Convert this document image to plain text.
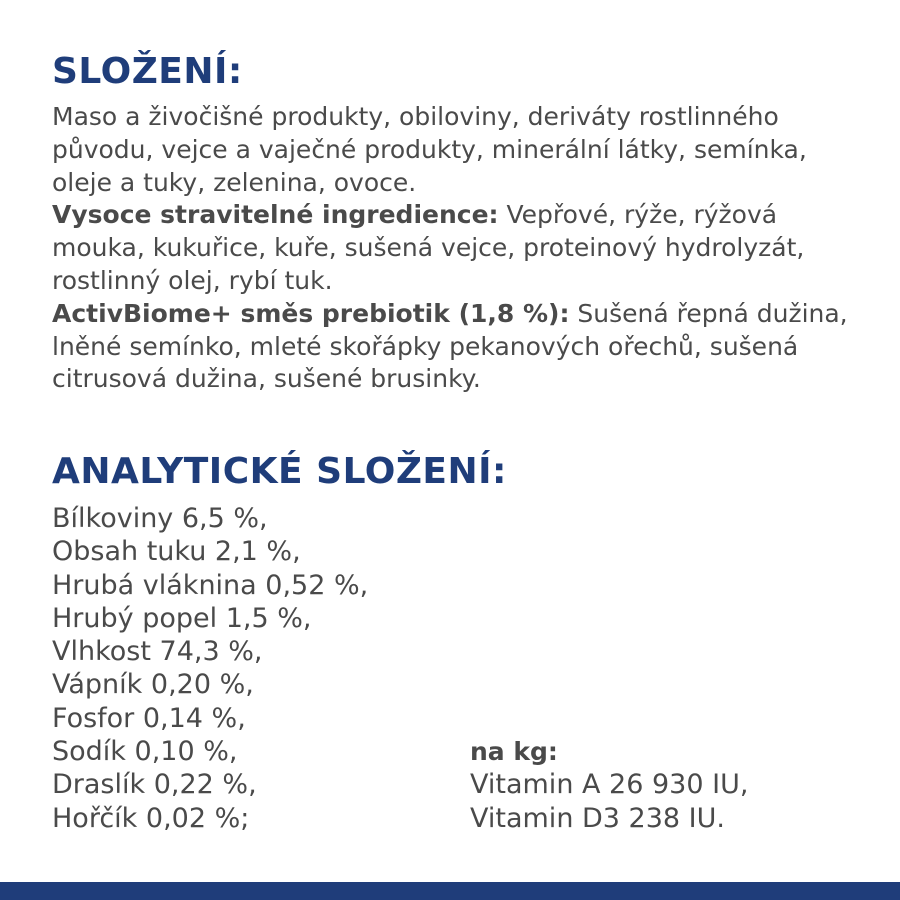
SLOŽENÍ:

Maso a živočišné produkty, obiloviny, deriváty rostlinného původu, vejce a vaječné produkty, minerální látky, semínka, oleje a tuky, zelenina, ovoce.
Vysoce stravitelné ingredience: Vepřové, rýže, rýžová mouka, kukuřice, kuře, sušená vejce, proteinový hydrolyzát, rostlinný olej, rybí tuk.
ActivBiome+ směs prebiotik (1,8 %): Sušená řepná dužina, lněné semínko, mleté skořápky pekanových ořechů, sušená citrusová dužina, sušené brusinky.

ANALYTICKÉ SLOŽENÍ:
Bílkoviny 6,5 %,
Obsah tuku 2,1 %,
Hrubá vláknina 0,52 %,
Hrubý popel 1,5 %,
Vlhkost 74,3 %,
Vápník 0,20 %,
Fosfor 0,14 %,
Sodík 0,10 %,
Draslík 0,22 %,
Hořčík 0,02 %;
na kg:
Vitamin A 26 930 IU,
Vitamin D3 238 IU.
